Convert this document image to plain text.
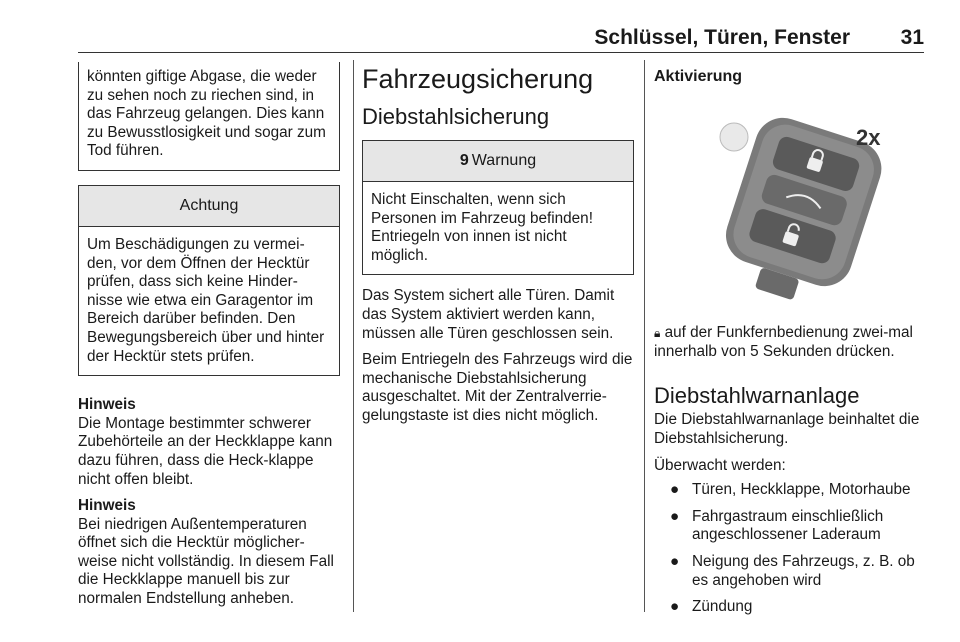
Schlüssel, Türen, Fenster 31

könnten giftige Abgase, die weder zu sehen noch zu riechen sind, in das Fahrzeug gelangen. Dies kann zu Bewusstlosigkeit und sogar zum Tod führen.

Achtung

Um Beschädigungen zu vermei-den, vor dem Öffnen der Hecktür prüfen, dass sich keine Hinder-nisse wie etwa ein Garagentor im Bereich darüber befinden. Den Bewegungsbereich über und hinter der Hecktür stets prüfen.

Hinweis

Die Montage bestimmter schwerer Zubehörteile an der Heckklappe kann dazu führen, dass die Heck-klappe nicht offen bleibt.

Hinweis

Bei niedrigen Außentemperaturen öffnet sich die Hecktür möglicher-weise nicht vollständig. In diesem Fall die Heckklappe manuell bis zur normalen Endstellung anheben.

Fahrzeugsicherung
Diebstahlsicherung
9 Warnung

Nicht Einschalten, wenn sich Personen im Fahrzeug befinden! Entriegeln von innen ist nicht möglich.

Das System sichert alle Türen. Damit das System aktiviert werden kann, müssen alle Türen geschlossen sein.

Beim Entriegeln des Fahrzeugs wird die mechanische Diebstahlsicherung ausgeschaltet. Mit der Zentralverrie-gelungstaste ist dies nicht möglich.

Aktivierung
2x

🔒︎ auf der Funkfernbedienung zwei-mal innerhalb von 5 Sekunden drücken.

Diebstahlwarnanlage

Die Diebstahlwarnanlage beinhaltet die Diebstahlsicherung.

Überwacht werden:

● Türen, Heckklappe, Motorhaube
● Fahrgastraum einschließlich angeschlossener Laderaum
● Neigung des Fahrzeugs, z. B. ob es angehoben wird
● Zündung
